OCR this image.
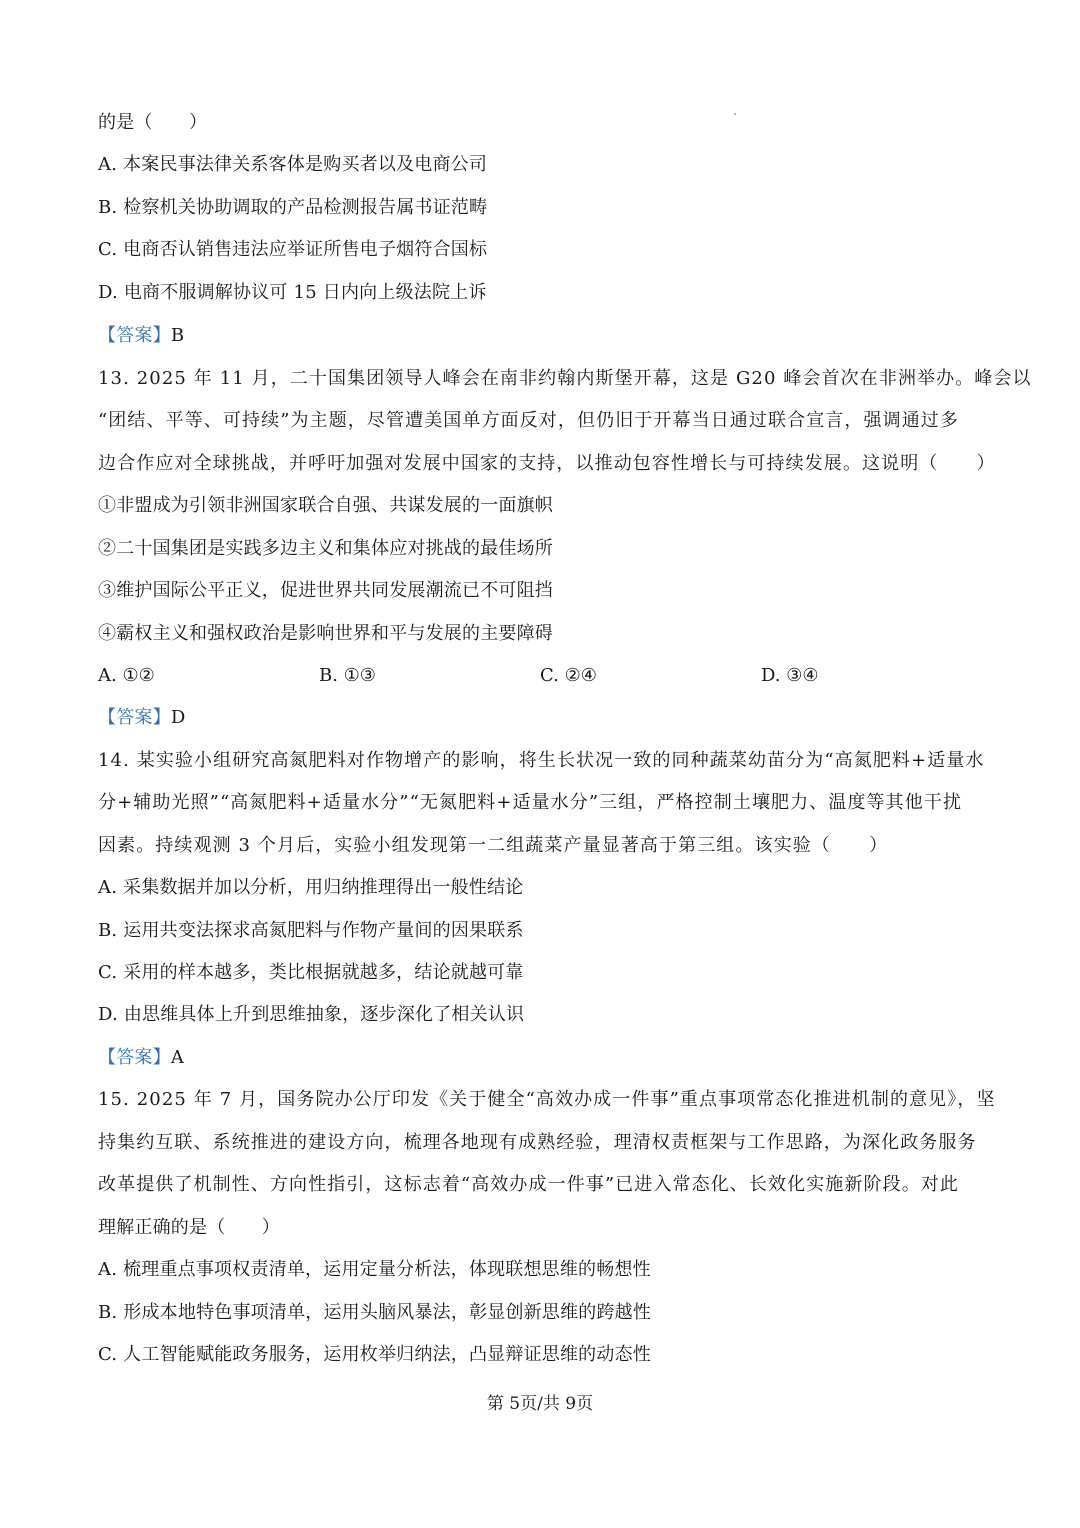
的是（　　）
A. 本案民事法律关系客体是购买者以及电商公司
B. 检察机关协助调取的产品检测报告属书证范畴
C. 电商否认销售违法应举证所售电子烟符合国标
D. 电商不服调解协议可 15 日内向上级法院上诉
【答案】B
13. 2025 年 11 月，二十国集团领导人峰会在南非约翰内斯堡开幕，这是 G20 峰会首次在非洲举办。峰会以
“团结、平等、可持续”为主题，尽管遭美国单方面反对，但仍旧于开幕当日通过联合宣言，强调通过多
边合作应对全球挑战，并呼吁加强对发展中国家的支持，以推动包容性增长与可持续发展。这说明（　　）
①非盟成为引领非洲国家联合自强、共谋发展的一面旗帜
②二十国集团是实践多边主义和集体应对挑战的最佳场所
③维护国际公平正义，促进世界共同发展潮流已不可阻挡
④霸权主义和强权政治是影响世界和平与发展的主要障碍
A. ①②	B. ①③	C. ②④	D. ③④
【答案】D
14. 某实验小组研究高氮肥料对作物增产的影响，将生长状况一致的同种蔬菜幼苗分为“高氮肥料+适量水
分+辅助光照”“高氮肥料+适量水分”“无氮肥料+适量水分”三组，严格控制土壤肥力、温度等其他干扰
因素。持续观测 3 个月后，实验小组发现第一二组蔬菜产量显著高于第三组。该实验（　　）
A. 采集数据并加以分析，用归纳推理得出一般性结论
B. 运用共变法探求高氮肥料与作物产量间的因果联系
C. 采用的样本越多，类比根据就越多，结论就越可靠
D. 由思维具体上升到思维抽象，逐步深化了相关认识
【答案】A
15. 2025 年 7 月，国务院办公厅印发《关于健全“高效办成一件事”重点事项常态化推进机制的意见》，坚
持集约互联、系统推进的建设方向，梳理各地现有成熟经验，理清权责框架与工作思路，为深化政务服务
改革提供了机制性、方向性指引，这标志着“高效办成一件事”已进入常态化、长效化实施新阶段。对此
理解正确的是（　　）
A. 梳理重点事项权责清单，运用定量分析法，体现联想思维的畅想性
B. 形成本地特色事项清单，运用头脑风暴法，彰显创新思维的跨越性
C. 人工智能赋能政务服务，运用枚举归纳法，凸显辩证思维的动态性
第 5页/共 9页
